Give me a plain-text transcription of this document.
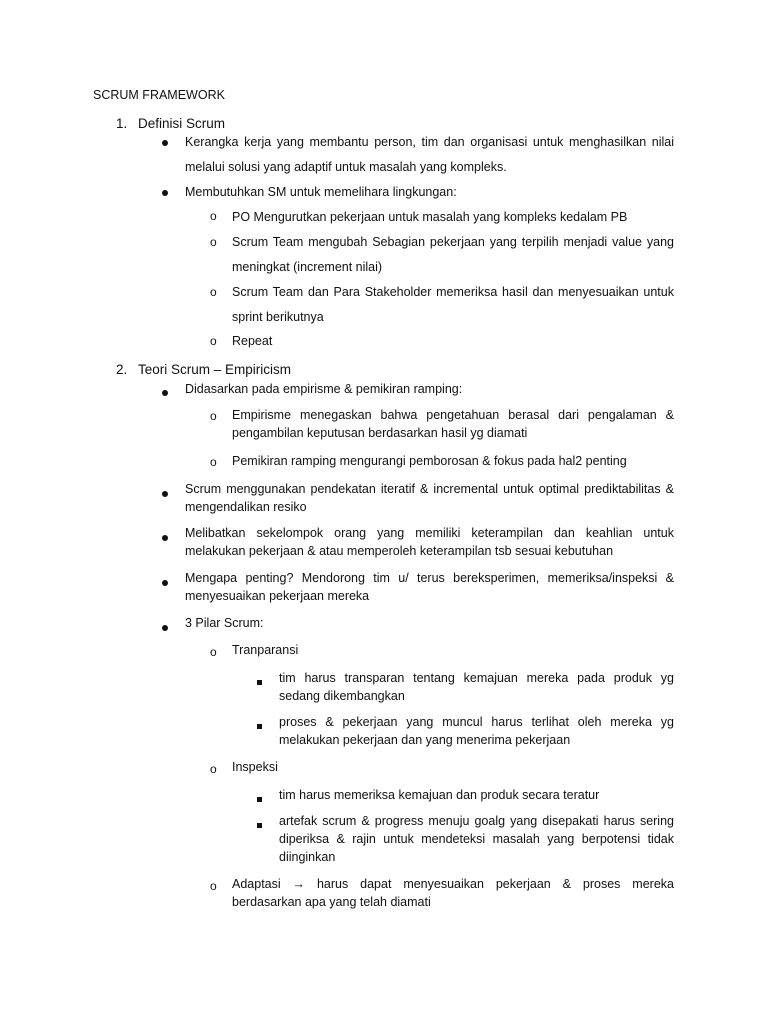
SCRUM FRAMEWORK
1. Definisi Scrum
Kerangka kerja yang membantu person, tim dan organisasi untuk menghasilkan nilai melalui solusi yang adaptif untuk masalah yang kompleks.
Membutuhkan SM untuk memelihara lingkungan:
o PO Mengurutkan pekerjaan untuk masalah yang kompleks kedalam PB
o Scrum Team mengubah Sebagian pekerjaan yang terpilih menjadi value yang meningkat (increment nilai)
o Scrum Team dan Para Stakeholder memeriksa hasil dan menyesuaikan untuk sprint berikutnya
o Repeat
2. Teori Scrum – Empiricism
Didasarkan pada empirisme & pemikiran ramping:
o Empirisme menegaskan bahwa pengetahuan berasal dari pengalaman & pengambilan keputusan berdasarkan hasil yg diamati
o Pemikiran ramping mengurangi pemborosan & fokus pada hal2 penting
Scrum menggunakan pendekatan iteratif & incremental untuk optimal prediktabilitas & mengendalikan resiko
Melibatkan sekelompok orang yang memiliki keterampilan dan keahlian untuk melakukan pekerjaan & atau memperoleh keterampilan tsb sesuai kebutuhan
Mengapa penting? Mendorong tim u/ terus bereksperimen, memeriksa/inspeksi & menyesuaikan pekerjaan mereka
3 Pilar Scrum:
o Tranparansi
tim harus transparan tentang kemajuan mereka pada produk yg sedang dikembangkan
proses & pekerjaan yang muncul harus terlihat oleh mereka yg melakukan pekerjaan dan yang menerima pekerjaan
o Inspeksi
tim harus memeriksa kemajuan dan produk secara teratur
artefak scrum & progress menuju goalg yang disepakati harus sering diperiksa & rajin untuk mendeteksi masalah yang berpotensi tidak diinginkan
o Adaptasi → harus dapat menyesuaikan pekerjaan & proses mereka berdasarkan apa yang telah diamati
